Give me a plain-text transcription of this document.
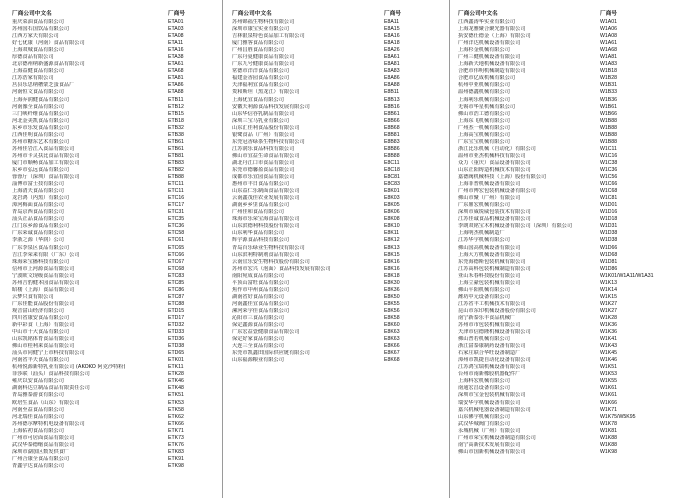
厂商公司中文名	厂商号
重庆菜油食品有限公司	ETA01
苏州国石国饮品有限公司	ETA03
江西方家天有限公司	ETA08
好七优康（河南）食品有限公司	ETA11
上海双城食品有限公司	ETA16
厚德食品有限公司	ETA38
北京德州纳新盛源食品有限公司	ETA61
上海益健食品有限公司	ETA68
江苏浩家有限公司	ETA81
莒县乐思纳槽蒙芝蛋食品厂	ETA86
河南恒文食品有限公司	ETA88
上海乔润健食品有限公司	ETB11
河南豫全食品有限公司	ETB12
三门峡纤维食品有限公司	ETB15
河北金美凯食品有限公司	ETB18
东乡市乐发食品有限公司	ETB32
江西佳明食品有限公司	ETB38
苏州市糖东艺术有限公司	ETB61
苏州佳岩江入食品有限公司	ETB61
苏州市卡灵扶比食品有限公司	ETB81
厦门市顺畅食品加工有限公司	ETB83
东乡市弘远食品有限公司	ETB82
蓉蓉厅（深圳）食品有限公司	ETB88
淄博市富士技有限公司	ETC11
上海清天食品有限公司	ETC11
龙岩鸿（内黑）有限公司	ETC16
漳河梅面食品有限公司	ETC17
青岛京西食品有限公司	ETC31
汕头正品食品有限公司	ETC35
江门东乡源食品有限公司	ETC36
广东荣诚食品有限公司	ETC58
李浙之源（华润）公司	ETC61
广东李泉区食品有限公司	ETC65
吉江李荣来有限（广东）公司	ETC66
珠海荣宝播科技有限公司	ETC67
信州市上河源食品有限公司	ETC68
宁波欧文现级食品有限公司	ETC83
苏州吉豹健本园食品有限公司	ETC85
昭楼（上海）食品有限公司	ETC86
云梦只食有限公司	ETC87
广东佳能食品股份有限公司	ETC88
观音富山经济有限公司	ETD15
四川省康安食品有限公司	ETD17
新中彩食（上海）有限公司	ETD32
中山市十大食品有限公司	ETD33
山东凯铭体育食品有限公司	ETD36
佛山市桂利来食品有限公司	ETD38
汕头市同健宁上市科技有限公司	ETD65
河南省半天食品有限公司	ETK01
杭州悦源新特乳业有限公司 (AKOKO 阿克沙特粉)	ETK11
菲莎联（汕头）食品科技有限公司	ETK28
雍庆以安食品有限公司	ETK46
湖南科达豆制品食品有限责任公司	ETK48
青岛雅泰游食有限公司	ETK51
欧培生食品（山东）有限公司	ETK53
河南至益食品有限公司	ETK58
河北瑞佳食品有限公司	ETK62
苏州德尔摩特机电设备有限公司	ETK66
上海佑初食品有限公司	ETK71
广州市可居面食品有限公司	ETK73
武汉华泰德缩食品有限公司	ETK76
深圳市湖加区数发供食厂	ETK83
广州合康全食品有限公司	ETK91
青鑫宇达食品有限公司	ETK98
厂商公司中文名	厂商号
苏州锦福生物科技有限公司	E8A11
深圳市康宝实业有限公司	E8A15
吉林银泉特色食品加工有限公司	E8A16
厦门雅客食品有限公司	E8A18
广州昌胜食品有限公司	E8A26
广东丹夏健康食品有限公司	E8A61
广东九号健康食品有限公司	E8A81
常德市洋洋食品有限公司	E8A83
福建金香园食品有限公司	E8A86
天津福利宜食品有限公司	E8A88
贵和斯坦（黑龙江）有限公司	E8B11
上海优宜食品有限公司	E8B13
安徽天利源食品科技发展有限公司	E8B16
山东华信谷乳制品有限公司	E8B61
深圳三宝马乳业有限公司	E8B66
山东汇佳利食品股份有限公司	E8B68
银鹭食品（广州）有限公司	E8B81
东莞冠香绿茶生物科技有限公司	E8B83
江苏润乐食品科技有限公司	E8B86
佛山市宜益生命食品有限公司	E8B88
湖北丹江口市食品有限公司	E8C11
东莞市德馨盈食品有限公司	E8C18
成都市乐宜园食品有限公司	E8C81
惠州市丰日食品有限公司	E8C83
山东益仁乐制面食品有限公司	E8K01
云南鑫茂佳农业发展有限公司	E8K03
湖南乡乡里食品有限公司	E8K05
广州佳和食品有限公司	E8K06
珠海市乐荣宝海食品有限公司	E8K08
山东滨德利科技股份有限公司	E8K10
山东利华食品有限公司	E8K11
辉宇源食品科技有限公司	E8K12
青岛百乐绿业生物科技有限公司	E8K13
山东滨利特制剂食品有限公司	E8K15
云南宜乐安生物科技股份有限公司	E8K16
苏州市宏兴（泡面）食品科技发展有限公司	E8K16
南阳宛成食品有限公司	E8K18
平顶山富旺食品有限公司	E8K30
焦作市中州食品有限公司	E8K36
湖南省好食品有限公司	E8K50
河南鑫佳宜食品有限公司	E8K55
漯河荣宇佳食品有限公司	E8K56
沁阳市三食品有限公司	E8K58
保定鑫源食品有限公司	E8K60
广东宏益壹健康食品有限公司	E8K63
保定好家食品有限公司	E8K63
大连三全食品有限公司	E8K66
东莞市凯鑫田国际供应链有限公司	E8K67
山东福源粮业有限公司	E8K68
厂商公司中文名	厂商号
江西鑫涛华实业有限公司	W1A01
上海龙雅聚合聚光器有限公司	W1A06
执安德仕德金（上海）有限公司	W1A08
广州洋达机械设备有限公司	W1A61
上海杉金机械有限公司	W1A68
广州三健机械设备有限公司	W1A81
上海新天地机械设备有限公司	W1A83
合肥市伟明机械制造有限公司	W1B18
合肥市亿成机械有限公司	W1B28
杭州中亚机械有限公司	W1B31
温州德鑫机械有限公司	W1B33
上海利乐机械有限公司	W1B36
无锡市华星机械有限公司	W1B61
佛山市浩工德有限公司	W1B66
上海东飞机械有限公司	W1B88
广州杰一机械有限公司	W1B88
上海高宝机械有限公司	W1B88
广东宝宝机械有限公司	W1B88
浙江比乐机械（自动化）有限公司	W1C11
温州市亚杰机械科技有限公司	W1C16
众力（重庆）食品设备有限公司	W1C38
山东正阳铸造机械技术有限公司	W1C36
嘉德阀机械科技（上海）股份有限公司	W1C56
上海菲普机械设备有限公司	W1C66
广州市博宏包装机械设备有限公司	W1C68
佛山市聚（广州）有限公司	W1C81
广东鼎宏机械有限公司	W1D01
深圳市威锐威包装技术有限公司	W1D16
江苏佳诚食品机械设备有限公司	W1D18
李朗双铭宝木机械设备有限公司（深圳）有限公司	W1D31
上海明杰机械制造厂	W1D38
江苏华宇机械有限公司	W1D38
佛山国高机械设备有限公司	W1D66
上海大方机械设备有限公司	W1D68
东莞海德斯包装机械有限公司	W1D81
江苏高科包装机械制造有限公司	W1D86
亚山禾春科技股份有限公司	W1K01/W1A11/W1A31
上海立豪包装机械有限公司	W1K13
佛山平阳机械有限公司	W1K14
潍坊中元设备有限公司	W1K15
江苏省丰工机械技术有限公司	W1K27
昆山市东印机械设备股份有限公司	W1K27
南宁新泰乐丰食品机械厂	W1K28
苏州市市包装机械有限公司	W1K36
天津市信德隆机械设备有限公司	W1K36
佛山普若机械有限公司	W1K41
浙江富泰康制药设备有限公司	W1K43
石家庄联合华旺设备制造厂	W1K45
漳州市凯捷自动化设备有限公司	W1K46
江苏鸿宝瑞机械设备有限公司	W1K51
台州市南新橡胶机器配件厂	W1K53
上海科宏机械有限公司	W1K55
南通宏昌设备有限公司	W1K61
深圳市宝金包装机械有限公司	W1K61
瑞安华宇机械设备有限公司	W1K66
嘉兴机械电器设备制造有限公司	W1K71
山东佛宇机械有限公司	W1K75/W5K95
武汉华城阀门有限公司	W1K78
永城机械（广州）有限公司	W1K81
广州市荣宝机械设备制造有限公司	W1K88
南宁高新技术发展有限公司	W1K88
佛山市国新机械设备有限公司	W1K98
